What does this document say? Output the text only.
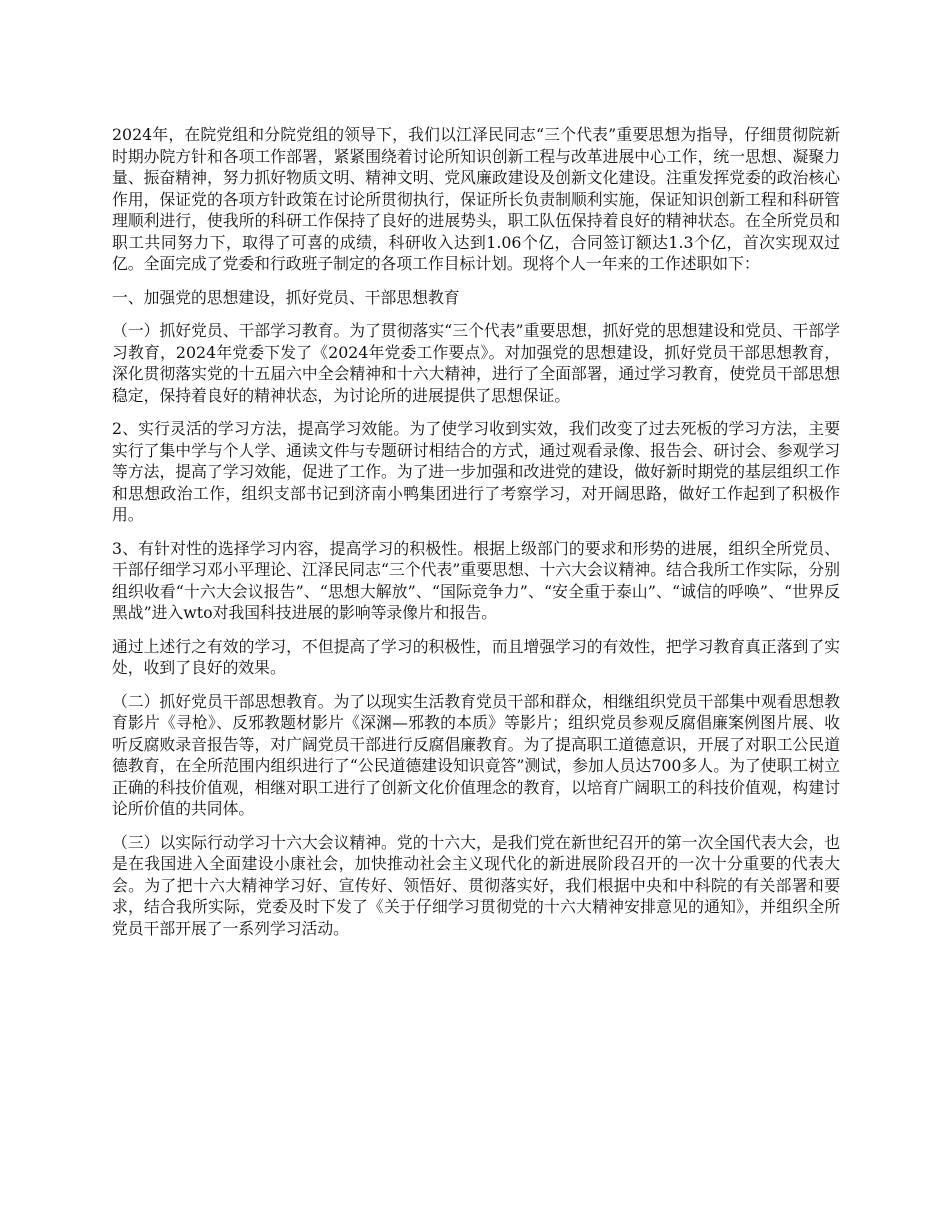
2024年，在院党组和分院党组的领导下，我们以江泽民同志“三个代表”重要思想为指导，仔细贯彻院新时期办院方针和各项工作部署，紧紧围绕着讨论所知识创新工程与改革进展中心工作，统一思想、凝聚力量、振奋精神，努力抓好物质文明、精神文明、党风廉政建设及创新文化建设。注重发挥党委的政治核心作用，保证党的各项方针政策在讨论所贯彻执行，保证所长负责制顺利实施，保证知识创新工程和科研管理顺利进行，使我所的科研工作保持了良好的进展势头，职工队伍保持着良好的精神状态。在全所党员和职工共同努力下，取得了可喜的成绩，科研收入达到1.06个亿，合同签订额达1.3个亿，首次实现双过亿。全面完成了党委和行政班子制定的各项工作目标计划。现将个人一年来的工作述职如下：

一、加强党的思想建设，抓好党员、干部思想教育

（一）抓好党员、干部学习教育。为了贯彻落实“三个代表”重要思想，抓好党的思想建设和党员、干部学习教育，2024年党委下发了《2024年党委工作要点》。对加强党的思想建设，抓好党员干部思想教育，深化贯彻落实党的十五届六中全会精神和十六大精神，进行了全面部署，通过学习教育，使党员干部思想稳定，保持着良好的精神状态，为讨论所的进展提供了思想保证。

2、实行灵活的学习方法，提高学习效能。为了使学习收到实效，我们改变了过去死板的学习方法，主要实行了集中学与个人学、通读文件与专题研讨相结合的方式，通过观看录像、报告会、研讨会、参观学习等方法，提高了学习效能，促进了工作。为了进一步加强和改进党的建设，做好新时期党的基层组织工作和思想政治工作，组织支部书记到济南小鸭集团进行了考察学习，对开阔思路，做好工作起到了积极作用。

3、有针对性的选择学习内容，提高学习的积极性。根据上级部门的要求和形势的进展，组织全所党员、干部仔细学习邓小平理论、江泽民同志“三个代表”重要思想、十六大会议精神。结合我所工作实际，分别组织收看“十六大会议报告”、“思想大解放”、“国际竞争力”、“安全重于泰山”、“诚信的呼唤”、“世界反黑战”进入wto对我国科技进展的影响等录像片和报告。

通过上述行之有效的学习，不但提高了学习的积极性，而且增强学习的有效性，把学习教育真正落到了实处，收到了良好的效果。

（二）抓好党员干部思想教育。为了以现实生活教育党员干部和群众，相继组织党员干部集中观看思想教育影片《寻枪》、反邪教题材影片《深渊—邪教的本质》等影片；组织党员参观反腐倡廉案例图片展、收听反腐败录音报告等，对广阔党员干部进行反腐倡廉教育。为了提高职工道德意识，开展了对职工公民道德教育，在全所范围内组织进行了“公民道德建设知识竟答”测试，参加人员达700多人。为了使职工树立正确的科技价值观，相继对职工进行了创新文化价值理念的教育，以培育广阔职工的科技价值观，构建讨论所价值的共同体。

（三）以实际行动学习十六大会议精神。党的十六大，是我们党在新世纪召开的第一次全国代表大会，也是在我国进入全面建设小康社会，加快推动社会主义现代化的新进展阶段召开的一次十分重要的代表大会。为了把十六大精神学习好、宣传好、领悟好、贯彻落实好，我们根据中央和中科院的有关部署和要求，结合我所实际，党委及时下发了《关于仔细学习贯彻党的十六大精神安排意见的通知》，并组织全所党员干部开展了一系列学习活动。
